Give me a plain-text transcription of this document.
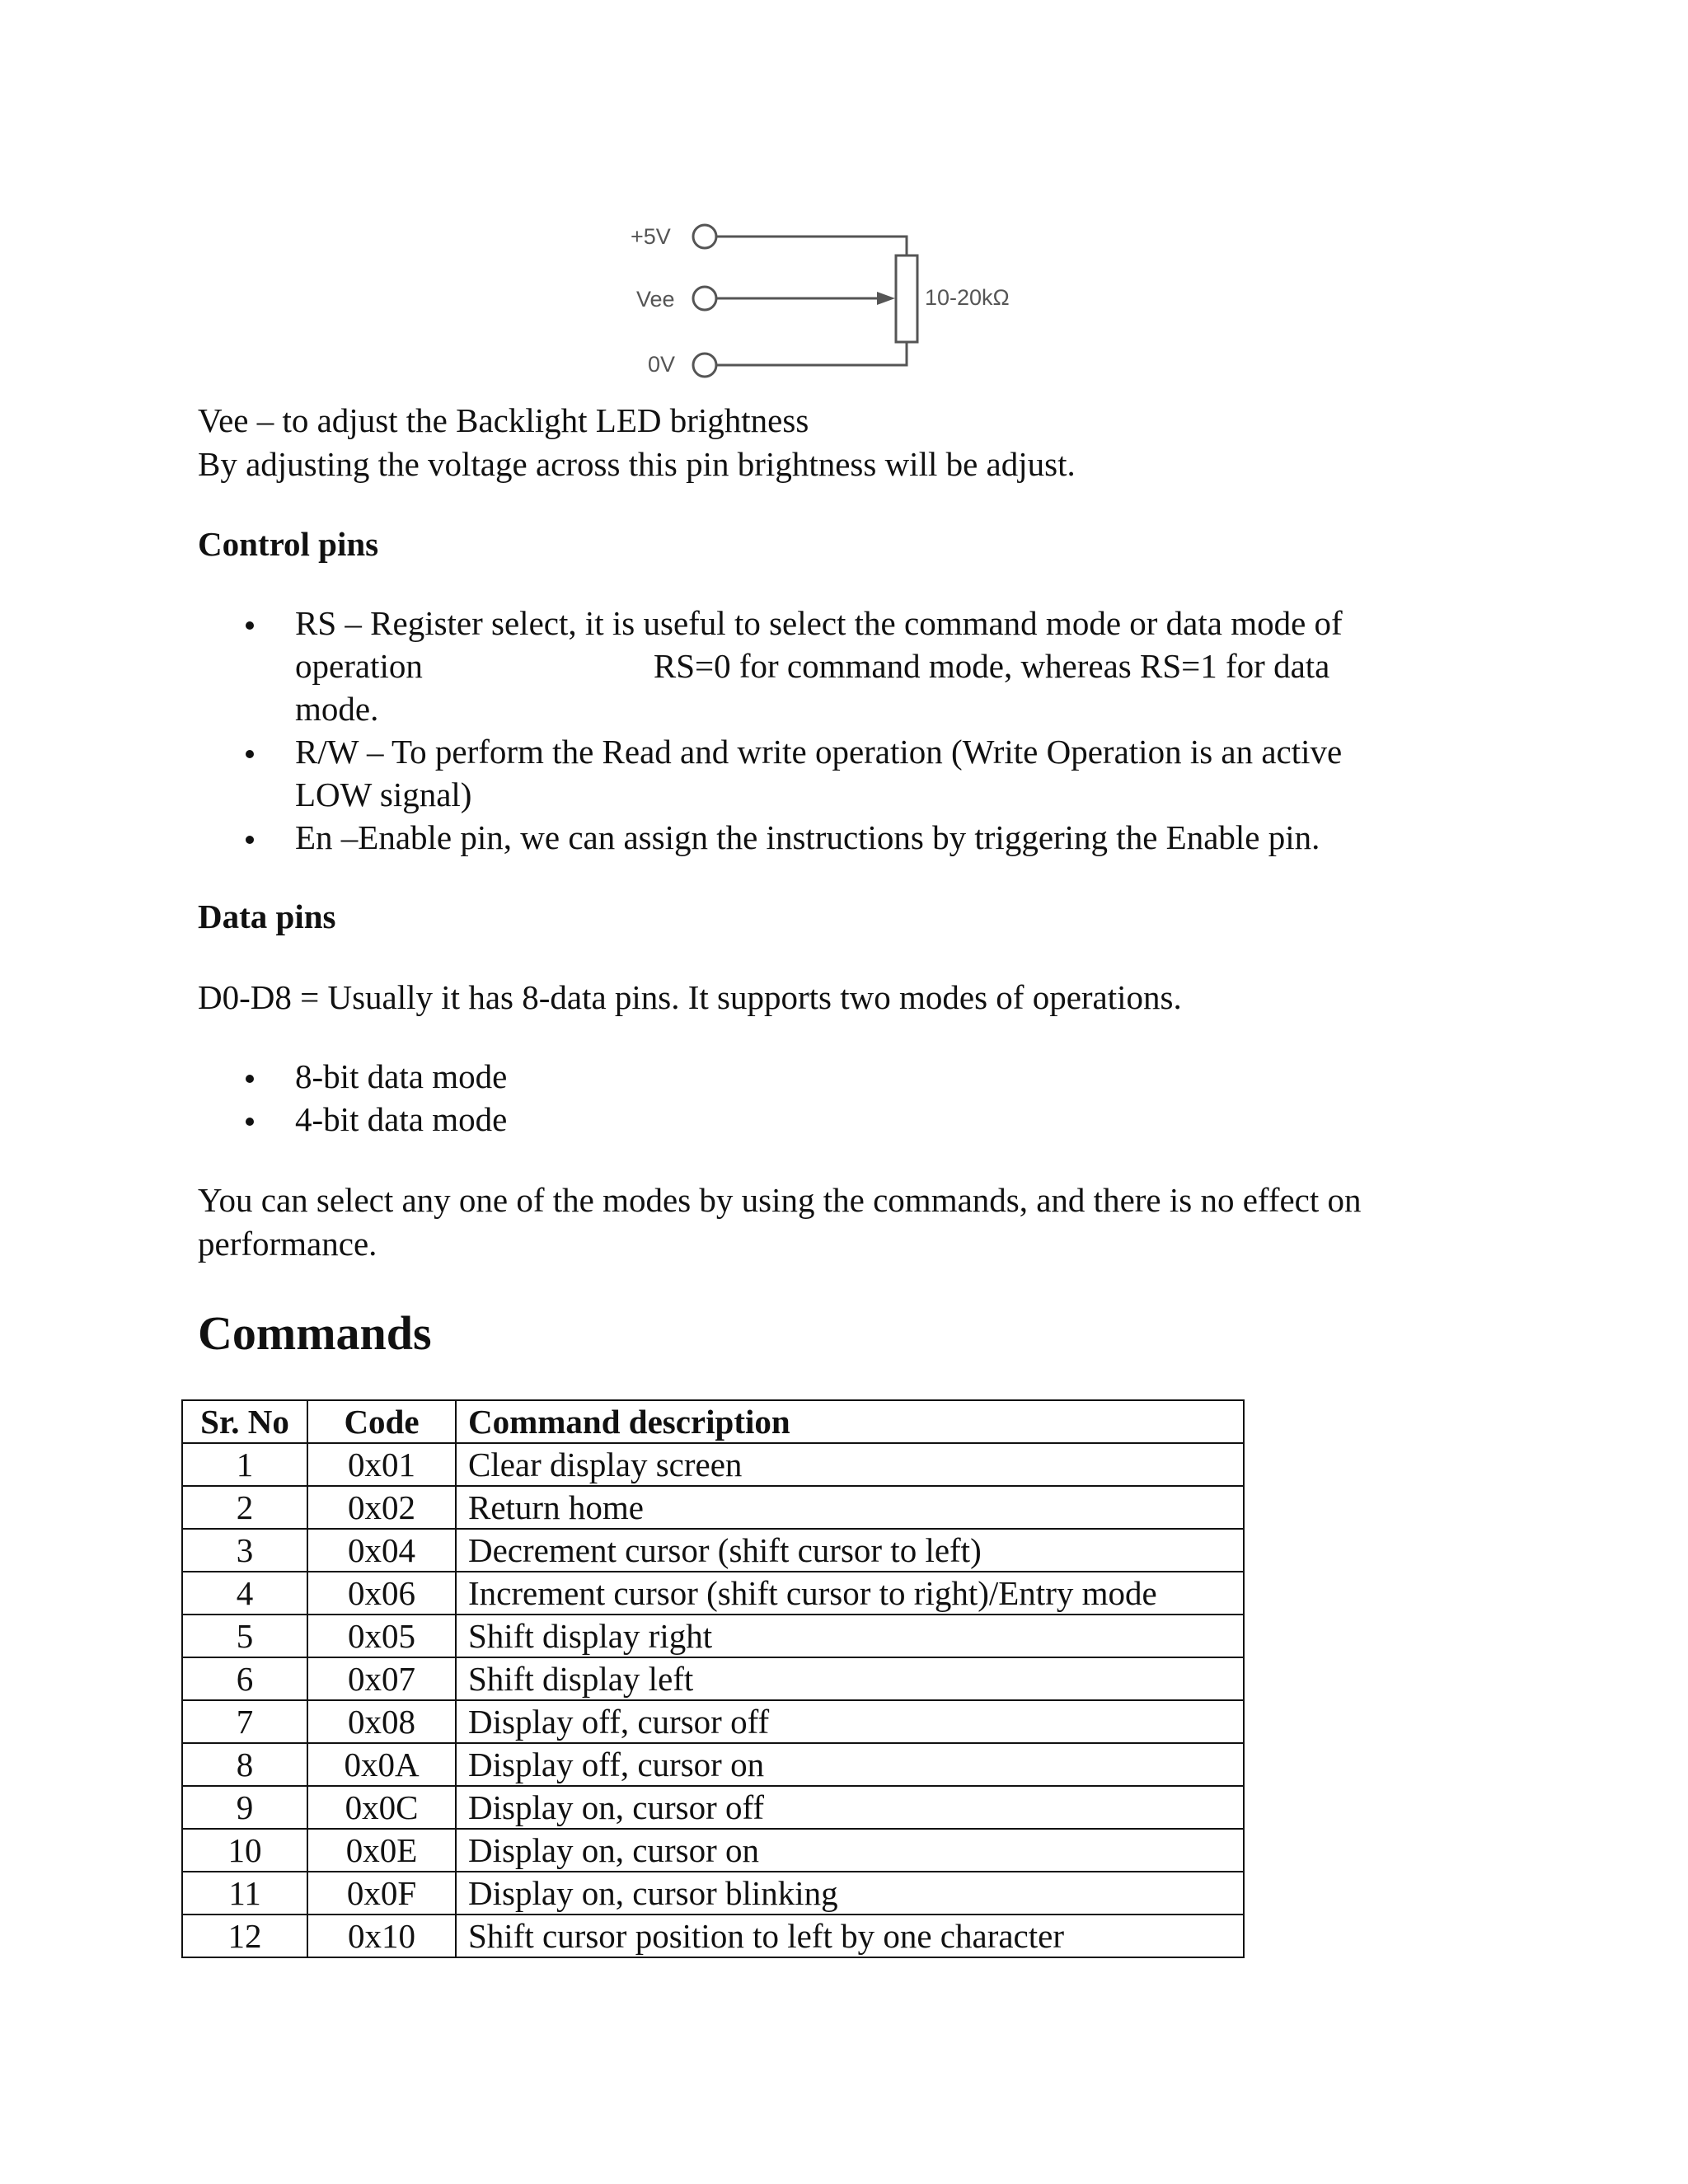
+5V
Vee
0V
10-20kΩ

Vee – to adjust the Backlight LED brightness

By adjusting the voltage across this pin brightness will be adjust.

Control pins

RS – Register select, it is useful to select the command mode or data mode of
operation	RS=0 for command mode, whereas RS=1 for data
mode.
R/W – To perform the Read and write operation (Write Operation is an active
LOW signal)
En –Enable pin, we can assign the instructions by triggering the Enable pin.

Data pins

D0-D8 = Usually it has 8-data pins. It supports two modes of operations.

8-bit data mode
4-bit data mode

You can select any one of the modes by using the commands, and there is no effect on

performance.

Commands

Sr. No	Code	Command description
1	0x01	Clear display screen
2	0x02	Return home
3	0x04	Decrement cursor (shift cursor to left)
4	0x06	Increment cursor (shift cursor to right)/Entry mode
5	0x05	Shift display right
6	0x07	Shift display left
7	0x08	Display off, cursor off
8	0x0A	Display off, cursor on
9	0x0C	Display on, cursor off
10	0x0E	Display on, cursor on
11	0x0F	Display on, cursor blinking
12	0x10	Shift cursor position to left by one character
